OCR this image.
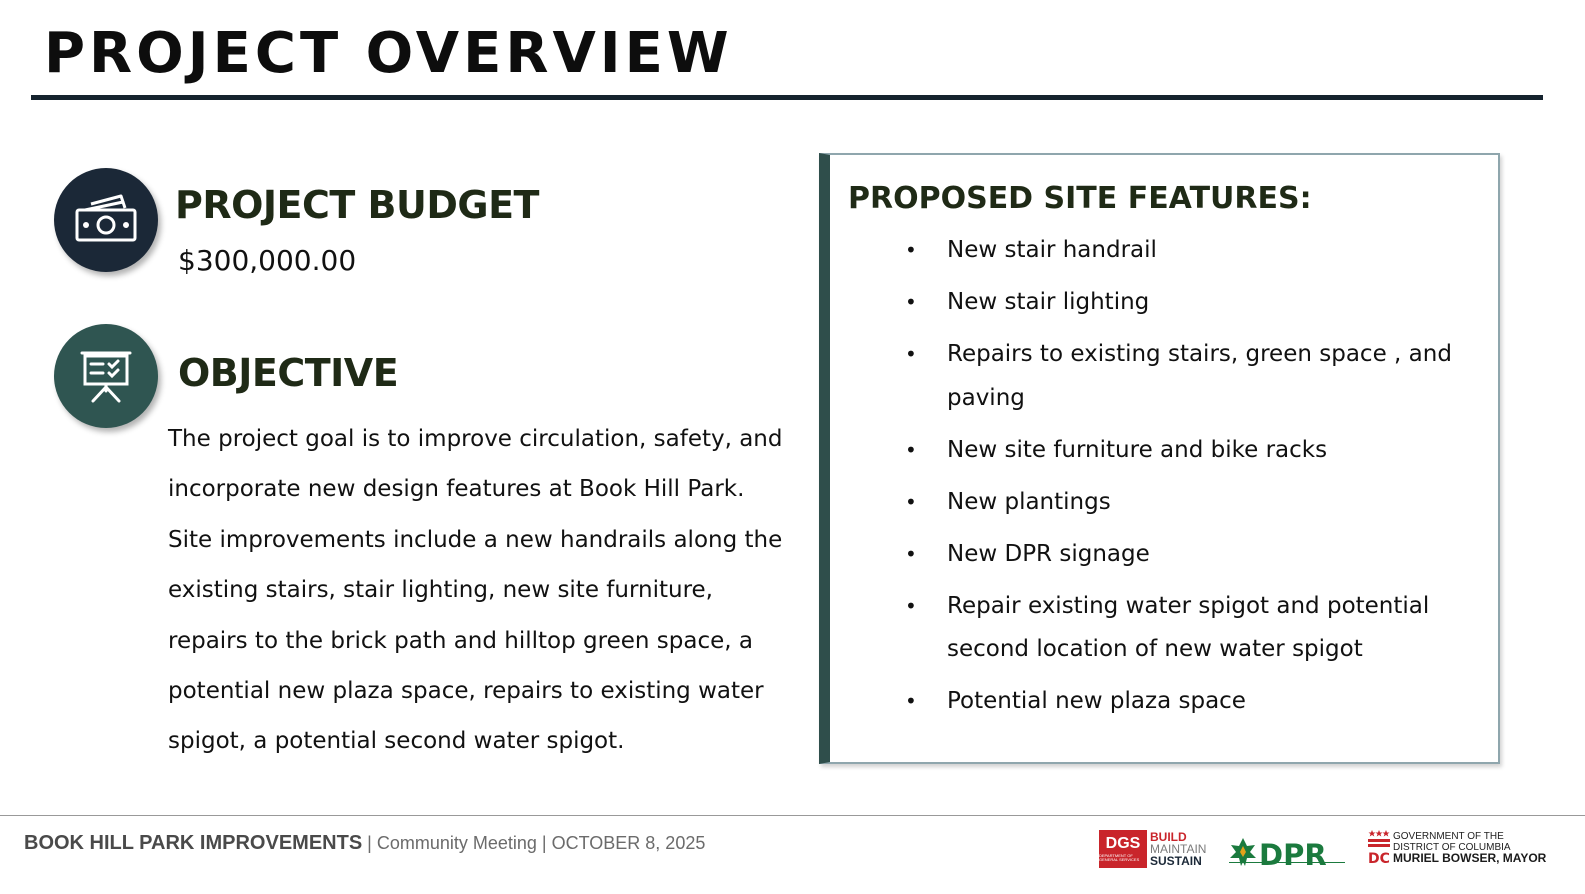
PROJECT OVERVIEW
PROJECT BUDGET
$300,000.00
OBJECTIVE
The project goal is to improve circulation, safety, and incorporate new design features at Book Hill Park. Site improvements include a new handrails along the existing stairs, stair lighting, new site furniture, repairs to the brick path and hilltop green space, a potential new plaza space, repairs to existing water spigot, a potential second water spigot.
PROPOSED SITE FEATURES:
• New stair handrail
• New stair lighting
• Repairs to existing stairs, green space , and paving
• New site furniture and bike racks
• New plantings
• New DPR signage
• Repair existing water spigot and potential second location of new water spigot
• Potential new plaza space
BOOK HILL PARK IMPROVEMENTS | Community Meeting | OCTOBER 8, 2025	DGS
DEPARTMENT OF GENERAL SERVICES
BUILD
MAINTAIN
SUSTAIN DPR	DC
GOVERNMENT OF THE
DISTRICT OF COLUMBIA
MURIEL BOWSER, MAYOR
